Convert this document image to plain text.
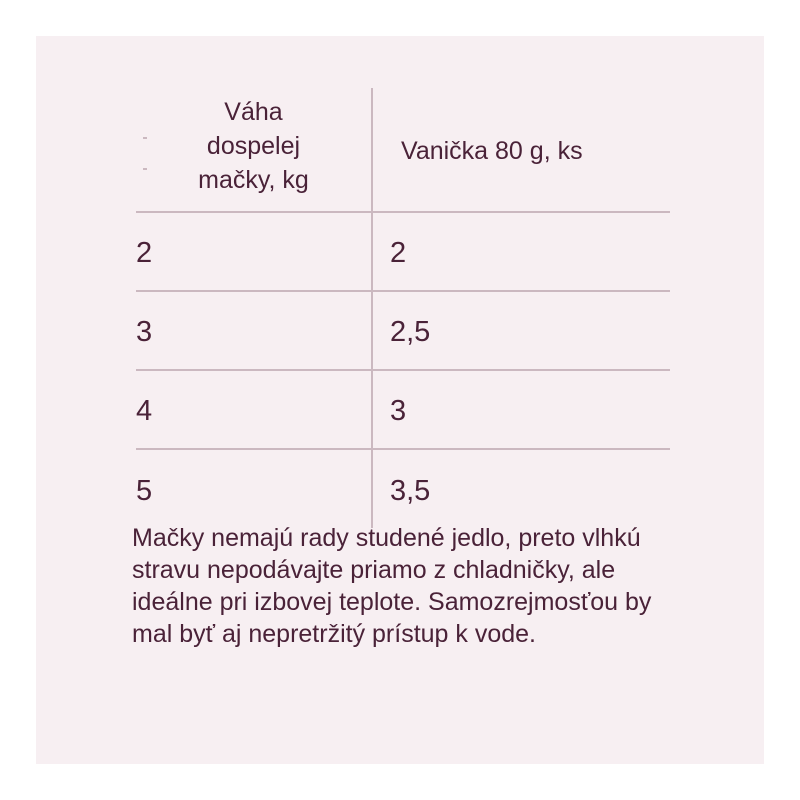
Váha
dospelej
mačky, kg	Vanička 80 g, ks
2	2
3	2,5
4	3
5	3,5

Mačky nemajú rady studené jedlo, preto vlhkú stravu nepodávajte priamo z chladničky, ale ideálne pri izbovej teplote. Samozrejmosťou by mal byť aj nepretržitý prístup k vode.
